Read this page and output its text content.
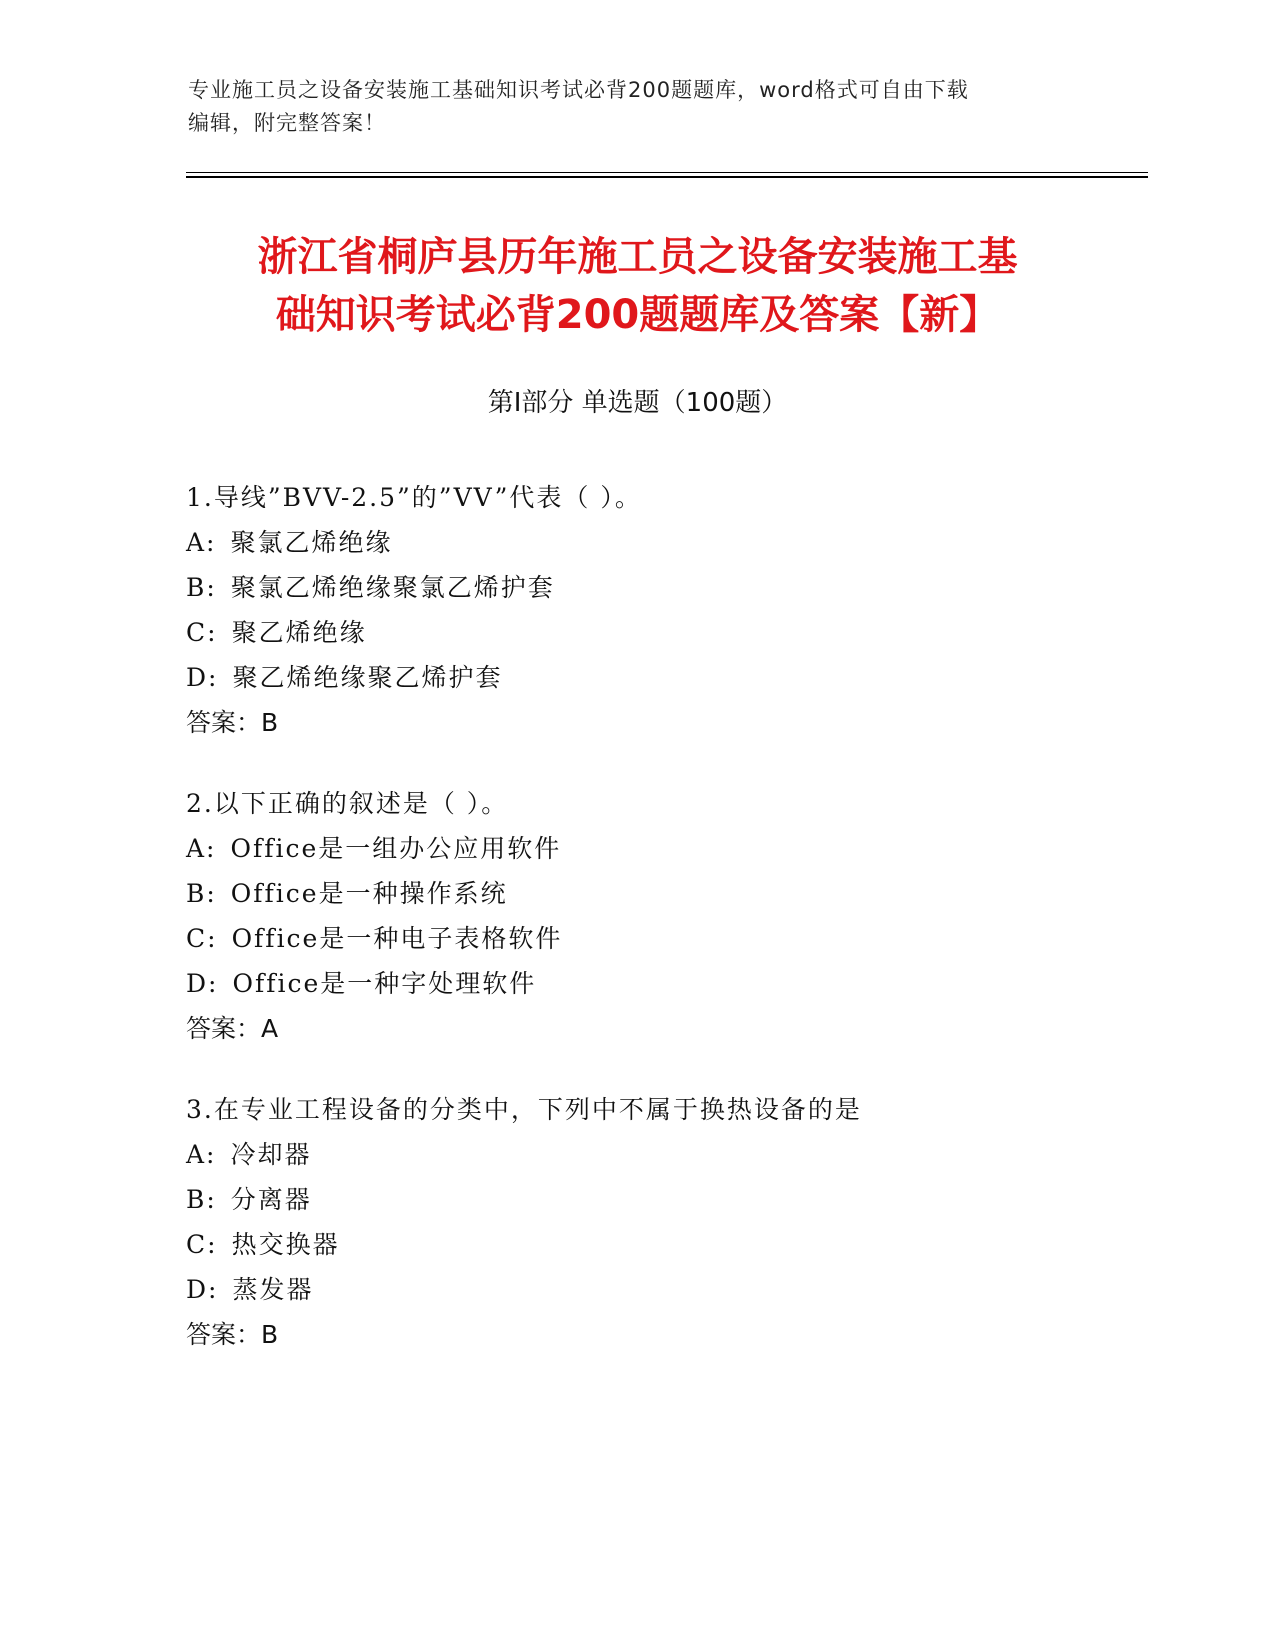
专业施工员之设备安装施工基础知识考试必背200题题库，word格式可自由下载
编辑，附完整答案！
浙江省桐庐县历年施工员之设备安装施工基
础知识考试必背200题题库及答案【新】
第Ⅰ部分 单选题（100题）
1.导线”BVV-2.5”的”VV”代表（ ）。
A: 聚氯乙烯绝缘
B: 聚氯乙烯绝缘聚氯乙烯护套
C: 聚乙烯绝缘
D: 聚乙烯绝缘聚乙烯护套
答案：B
2.以下正确的叙述是（ ）。
A: Office是一组办公应用软件
B: Office是一种操作系统
C: Office是一种电子表格软件
D: Office是一种字处理软件
答案：A
3.在专业工程设备的分类中，下列中不属于换热设备的是
A: 冷却器
B: 分离器
C: 热交换器
D: 蒸发器
答案：B
